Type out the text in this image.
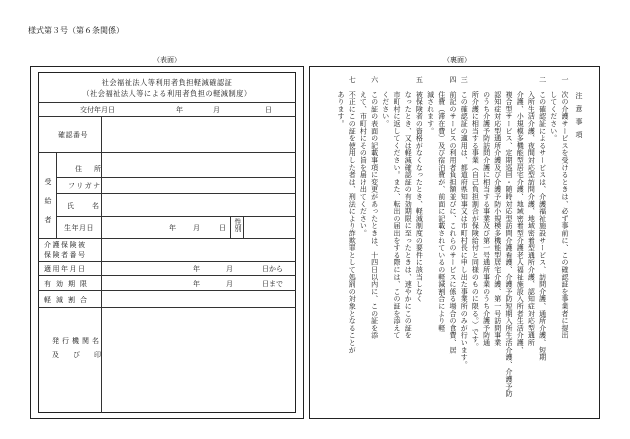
様式第３号（第６条関係）
（表面）	（裏面）
社会福祉法人等利用者負担軽減確認証
（社会福祉法人等による利用者負担の軽減制度）
交付年月日	年	月	日
確認番号
受給者
住所
フリガナ
氏名
生年月日	年 月	日 性別
介護保険被
保険者番号
適用年月日	年	月	日から
有効期限	年	月	日まで
軽減割合
発行機関名
及び印
注意事項
一　次の介護サービスを受けるときは、必ず事前に、この確認証を事業者に提出
　　してください。
二　この確認証によるサービスは、介護福祉施設サービス、訪問介護、通所介護、短期
　　入所生活介護、夜間対応型訪問介護、地域密着型通所介護、認知症対応型通所
　　介護、小規模多機能型居宅介護、地域密着型介護老人福祉施設入所者生活介護、
　　複合型サービス、定期巡回・随時対応型訪問介護看護、介護予防短期入所生活介護、介護予防
　　認知症対応型通所介護及び介護予防小規模多機能型居宅介護、第一号訪問事業
　　のうち介護予防訪問介護に相当する事業及び第一号通所事業のうち介護予防通
　　所介護に相当する事業（自己負担割合が保険給付と同様のものに限る。）です。
三　この確認証の適用は、都道府県知事又は市町村長に申し出た事業所のみが行います。
四　前記のサービスの利用者負担額並びに、これらのサービスに係る場合の食費、居
　　住費（滞在費）及び宿泊費が、前面に記載されているの軽減割合により軽
　　減されます。
五　被保険者の資格がなくなったとき、軽減制度の要件に該当しなく
　　なったとき、又は軽減確認証の有効期限に至ったときは、速やかにこの証を
　　市町村に返してください。また、転出の届出をする際には、この証を添えて
　　ください。
六　この証の表面の記載事項に変更があったときは、十四日以内に、この証を添
　　えて、市町村にその旨を届け出てください。
七　不正にこの証を使用した者は、刑法により詐欺罪として処罰の対象となることが
　　あります。
